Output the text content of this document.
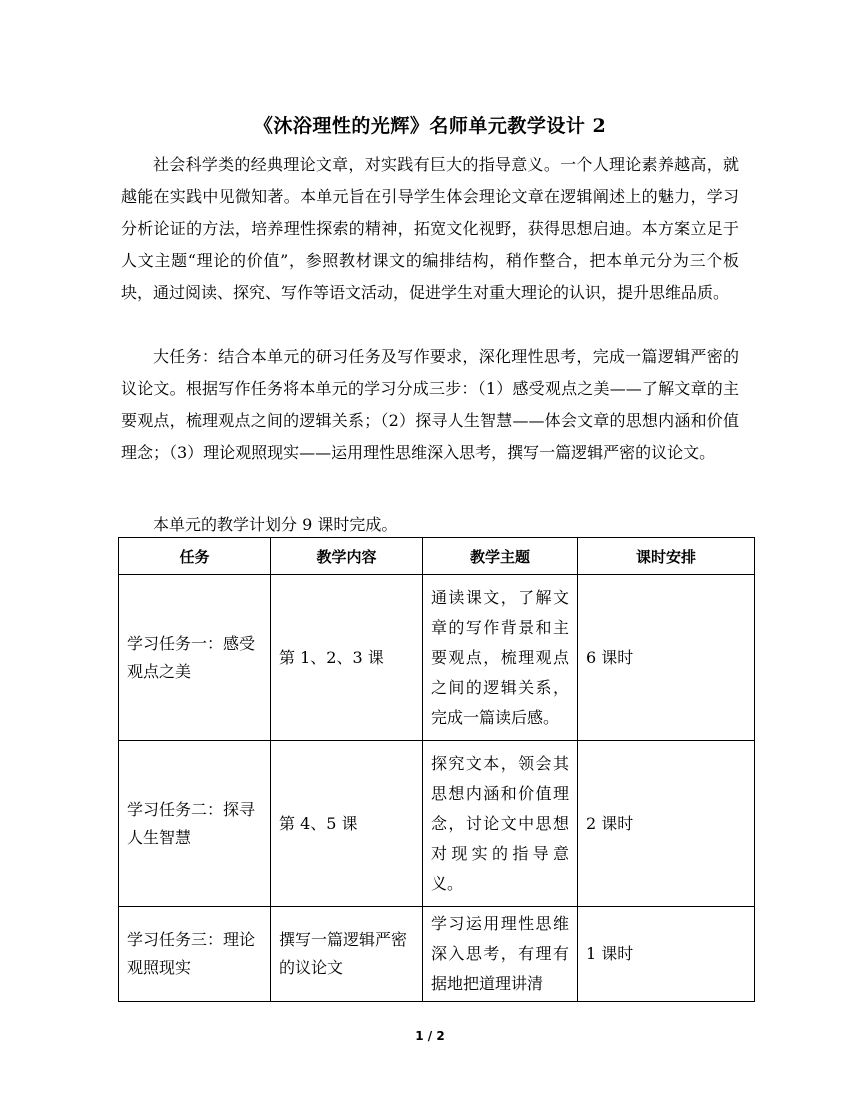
《沐浴理性的光辉》名师单元教学设计 2

社会科学类的经典理论文章，对实践有巨大的指导意义。一个人理论素养越高，就越能在实践中见微知著。本单元旨在引导学生体会理论文章在逻辑阐述上的魅力，学习分析论证的方法，培养理性探索的精神，拓宽文化视野，获得思想启迪。本方案立足于人文主题“理论的价值”，参照教材课文的编排结构，稍作整合，把本单元分为三个板块，通过阅读、探究、写作等语文活动，促进学生对重大理论的认识，提升思维品质。

大任务：结合本单元的研习任务及写作要求，深化理性思考，完成一篇逻辑严密的议论文。根据写作任务将本单元的学习分成三步：（1）感受观点之美——了解文章的主要观点，梳理观点之间的逻辑关系；（2）探寻人生智慧——体会文章的思想内涵和价值理念；（3）理论观照现实——运用理性思维深入思考，撰写一篇逻辑严密的议论文。

本单元的教学计划分 9 课时完成。

任务	教学内容	教学主题	课时安排
学习任务一：感受观点之美	第 1、2、3 课	通读课文，了解文章的写作背景和主要观点，梳理观点之间的逻辑关系，完成一篇读后感。	6 课时
学习任务二：探寻人生智慧	第 4、5 课	探究文本，领会其思想内涵和价值理念，讨论文中思想对现实的指导意义。	2 课时
学习任务三：理论观照现实	撰写一篇逻辑严密的议论文	学习运用理性思维深入思考，有理有据地把道理讲清	1 课时
1 / 2
